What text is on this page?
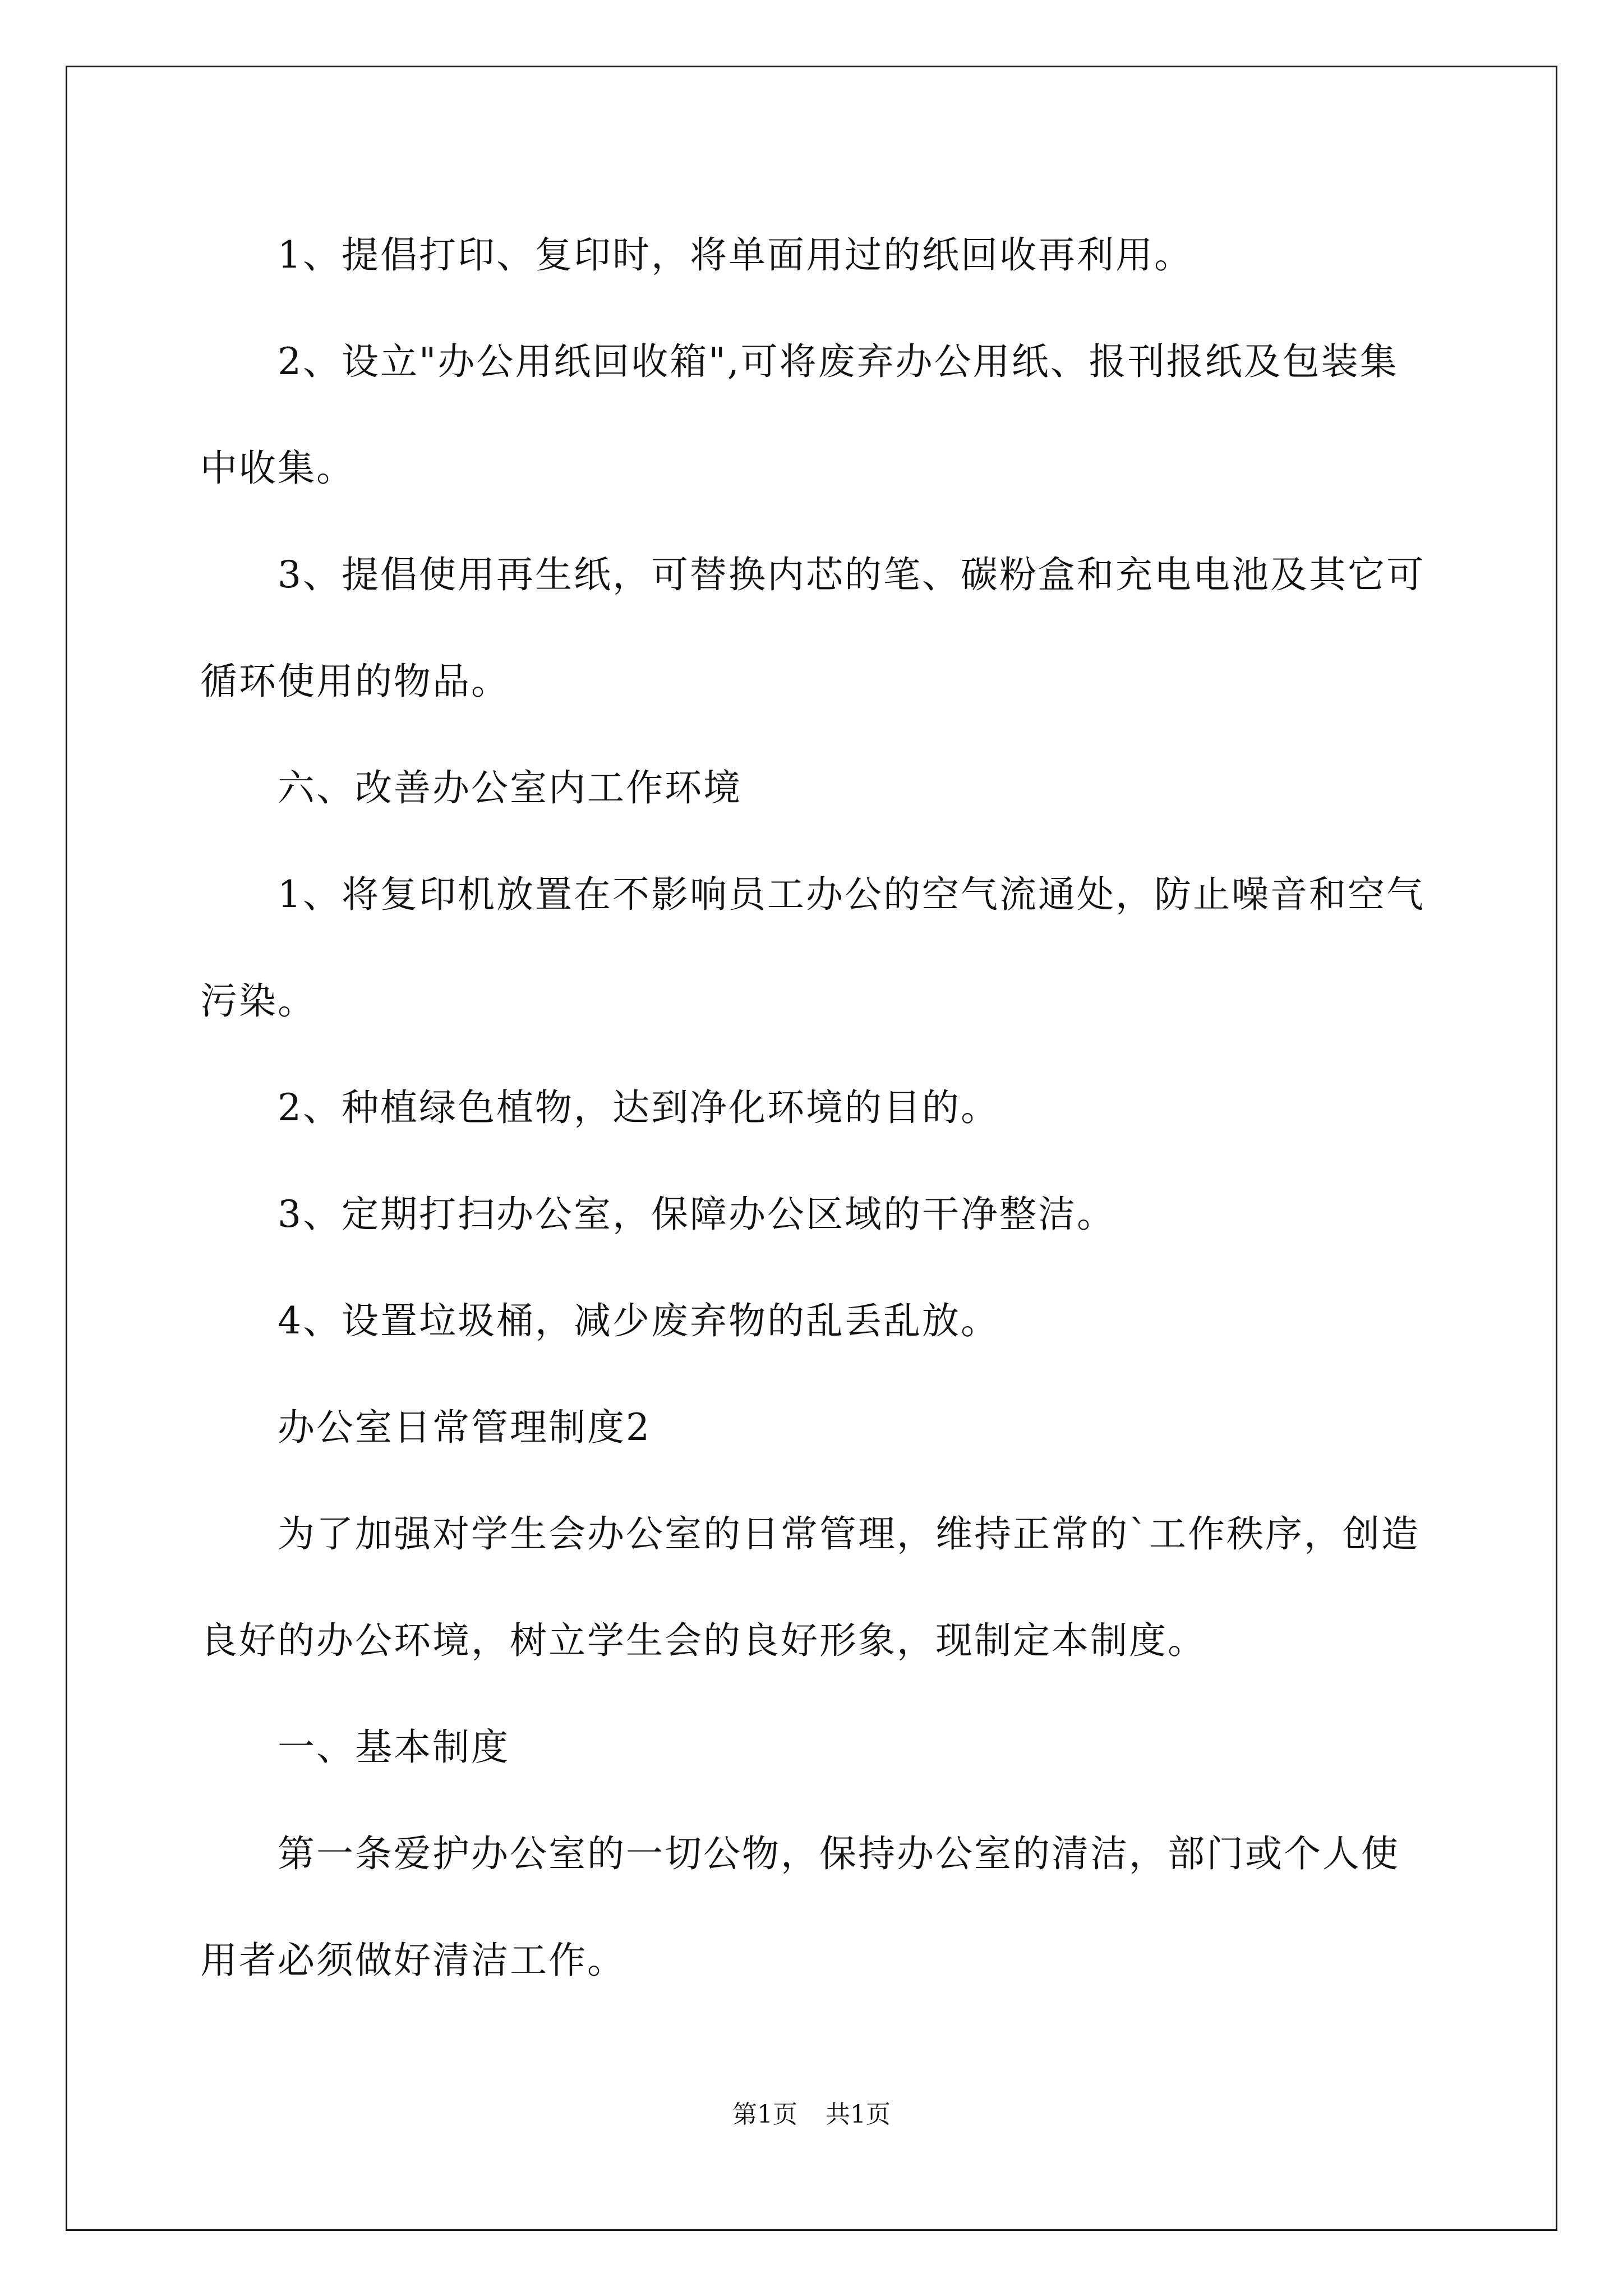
1、提倡打印、复印时，将单面用过的纸回收再利用。

2、设立"办公用纸回收箱",可将废弃办公用纸、报刊报纸及包装集中收集。

3、提倡使用再生纸，可替换内芯的笔、碳粉盒和充电电池及其它可循环使用的物品。

六、改善办公室内工作环境

1、将复印机放置在不影响员工办公的空气流通处，防止噪音和空气污染。

2、种植绿色植物，达到净化环境的目的。

3、定期打扫办公室，保障办公区域的干净整洁。

4、设置垃圾桶，减少废弃物的乱丢乱放。

办公室日常管理制度2

为了加强对学生会办公室的日常管理，维持正常的`工作秩序，创造良好的办公环境，树立学生会的良好形象，现制定本制度。

一、基本制度

第一条爱护办公室的一切公物，保持办公室的清洁，部门或个人使用者必须做好清洁工作。

第1页 共1页
